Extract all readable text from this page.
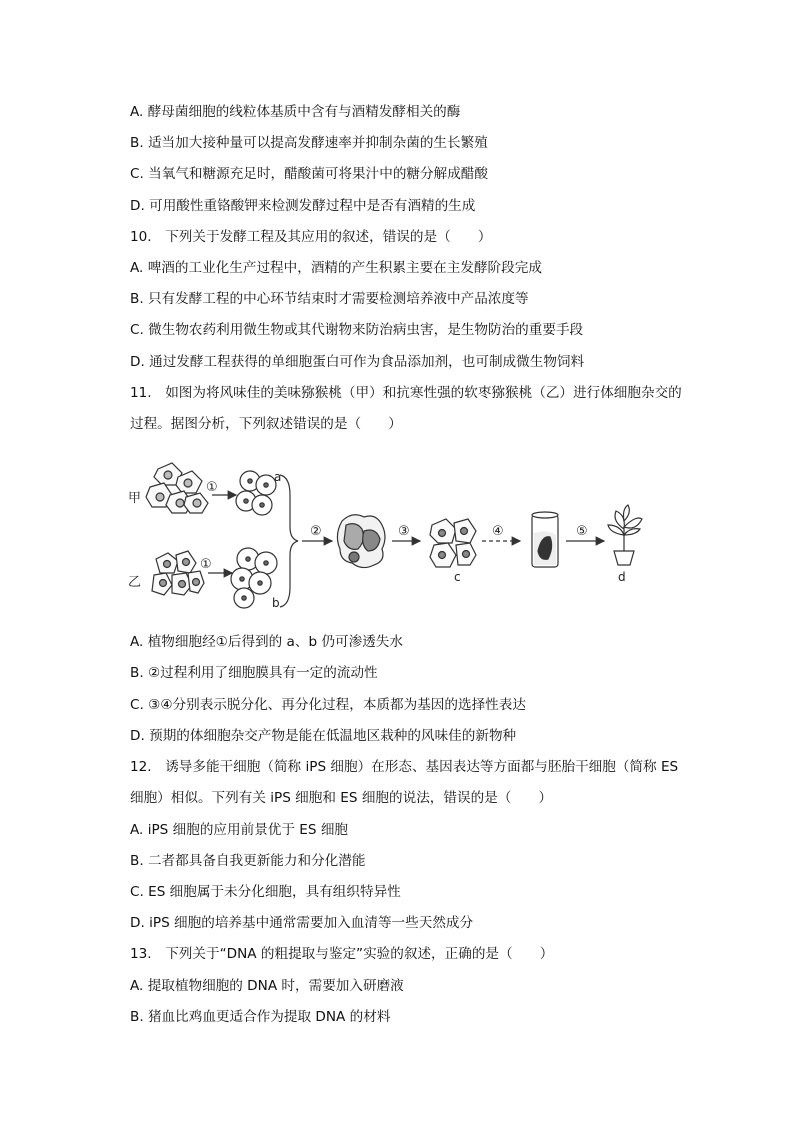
A. 酵母菌细胞的线粒体基质中含有与酒精发酵相关的酶
B. 适当加大接种量可以提高发酵速率并抑制杂菌的生长繁殖
C. 当氧气和糖源充足时，醋酸菌可将果汁中的糖分解成醋酸
D. 可用酸性重铬酸钾来检测发酵过程中是否有酒精的生成
10.　下列关于发酵工程及其应用的叙述，错误的是（　　）
A. 啤酒的工业化生产过程中，酒精的产生积累主要在主发酵阶段完成
B. 只有发酵工程的中心环节结束时才需要检测培养液中产品浓度等
C. 微生物农药利用微生物或其代谢物来防治病虫害，是生物防治的重要手段
D. 通过发酵工程获得的单细胞蛋白可作为食品添加剂，也可制成微生物饲料
11.　如图为将风味佳的美味猕猴桃（甲）和抗寒性强的软枣猕猴桃（乙）进行体细胞杂交的
过程。据图分析，下列叙述错误的是（　　）
甲
①
a
乙
①
b
②	③
c
④	⑤
d
A. 植物细胞经①后得到的 a、b 仍可渗透失水
B. ②过程利用了细胞膜具有一定的流动性
C. ③④分别表示脱分化、再分化过程，本质都为基因的选择性表达
D. 预期的体细胞杂交产物是能在低温地区栽种的风味佳的新物种
12.　诱导多能干细胞（简称 iPS 细胞）在形态、基因表达等方面都与胚胎干细胞（简称 ES
细胞）相似。下列有关 iPS 细胞和 ES 细胞的说法，错误的是（　　）
A. iPS 细胞的应用前景优于 ES 细胞
B. 二者都具备自我更新能力和分化潜能
C. ES 细胞属于未分化细胞，具有组织特异性
D. iPS 细胞的培养基中通常需要加入血清等一些天然成分
13.　下列关于“DNA 的粗提取与鉴定”实验的叙述，正确的是（　　）
A. 提取植物细胞的 DNA 时，需要加入研磨液
B. 猪血比鸡血更适合作为提取 DNA 的材料
